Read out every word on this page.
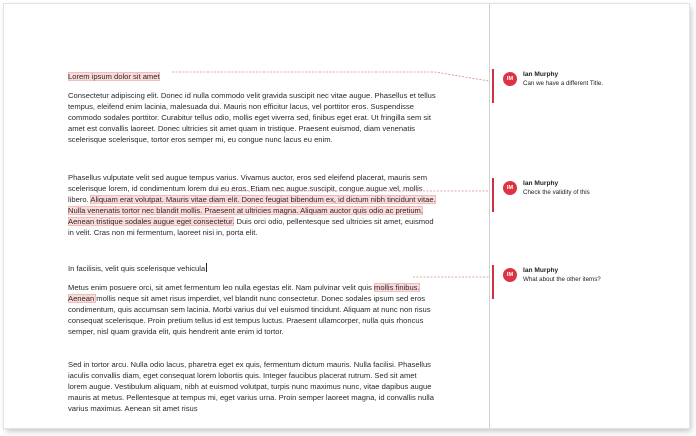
Lorem ipsum dolor sit amet

Consectetur adipiscing elit. Donec id nulla commodo velit gravida suscipit nec vitae augue. Phasellus et tellus tempus, eleifend enim lacinia, malesuada dui. Mauris non efficitur lacus, vel porttitor eros. Suspendisse commodo sodales porttitor. Curabitur tellus odio, mollis eget viverra sed, finibus eget erat. Ut fringilla sem sit amet est convallis laoreet. Donec ultricies sit amet quam in tristique. Praesent euismod, diam venenatis scelerisque scelerisque, tortor eros semper mi, eu congue nunc lacus eu enim.

Phasellus vulputate velit sed augue tempus varius. Vivamus auctor, eros sed eleifend placerat, mauris sem scelerisque lorem, id condimentum lorem dui eu eros. Etiam nec augue suscipit, congue augue vel, mollis libero. Aliquam erat volutpat. Mauris vitae diam elit. Donec feugiat bibendum ex, id dictum nibh tincidunt vitae. Nulla venenatis tortor nec blandit mollis. Praesent at ultricies magna. Aliquam auctor quis odio ac pretium. Aenean tristique sodales augue eget consectetur. Duis orci odio, pellentesque sed ultricies sit amet, euismod in velit. Cras non mi fermentum, laoreet nisi in, porta elit.

In facilisis, velit quis scelerisque vehicula

Metus enim posuere orci, sit amet fermentum leo nulla egestas elit. Nam pulvinar velit quis mollis finibus. Aenean mollis neque sit amet risus imperdiet, vel blandit nunc consectetur. Donec sodales ipsum sed eros condimentum, quis accumsan sem lacinia. Morbi varius dui vel euismod tincidunt. Aliquam at nunc non risus consequat scelerisque. Proin pretium tellus id est tempus luctus. Praesent ullamcorper, nulla quis rhoncus semper, nisl quam gravida elit, quis hendrerit ante enim id tortor.

Sed in tortor arcu. Nulla odio lacus, pharetra eget ex quis, fermentum dictum mauris. Nulla facilisi. Phasellus iaculis convallis diam, eget consequat lorem lobortis quis. Integer faucibus placerat rutrum. Sed sit amet lorem augue. Vestibulum aliquam, nibh at euismod volutpat, turpis nunc maximus nunc, vitae dapibus augue mauris at metus. Pellentesque at tempus mi, eget varius urna. Proin semper laoreet magna, id convallis nulla varius maximus. Aenean sit amet risus

IM
Ian Murphy
Can we have a different Title.
IM
Ian Murphy
Check the validity of this
IM
Ian Murphy
What about the other items?
